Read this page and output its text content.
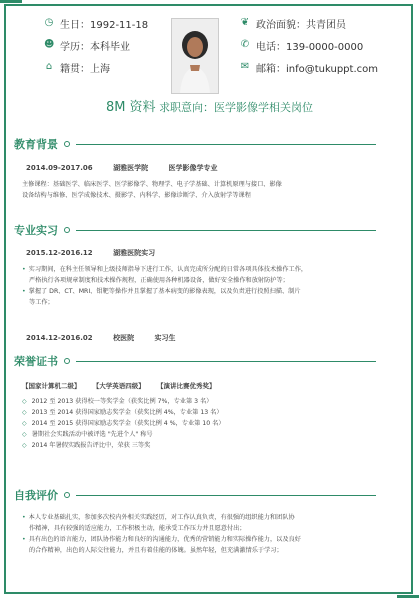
◷ 生日：1992-11-18
☻ 学历：本科毕业
⌂ 籍贯：上海
❦ 政治面貌：共青团员
✆ 电话：139-0000-0000
✉ 邮箱：info@tukuppt.com
8M 资料 求职意向：医学影像学相关岗位
教育背景
2014.09-2017.06	湖雅医学院	医学影像学专业

主修课程：基础医学、临床医学、医学影像学、物理学、电子学基础、计算机原理与接口、影像

设备结构与维修、医学成像技术、摄影学、内科学、影像诊断学、介入放射学等课程

专业实习
2015.12-2016.12	湖雅医院实习

• 实习期间，在科主任领导和上级技师指导下进行工作，认真完成所分配的日常各项具体技术操作工作，

严格执行各项规章制度和技术操作规程，正确使用各种机器设备，做好安全操作和放射防护等；

• 掌握了 DR、CT、MRI、钼靶等操作并且掌握了基本病变的影像表现，以及负责进行投照扫描、制片

等工作；

2014.12-2016.02	校医院	实习生
荣誉证书
【国家计算机二级】 【大学英语四级】 【演讲比赛优秀奖】
◇ 2012 至 2013 获得校一等奖学金（获奖比例 7%，专业第 3 名）
◇ 2013 至 2014 获得国家励志奖学金（获奖比例 4%，专业第 13 名）
◇ 2014 至 2015 获得国家励志奖学金（获奖比例 4 %，专业第 10 名）
◇ 暑期社会实践活动中被评选 "先进个人" 称号
◇ 2014 年暑假实践报告评比中，荣获 三等奖
自我评价

• 本人专业基础扎实，参加多次校内外相关实践经历，对工作认真负责，有很强的组织能力和团队协

作精神，具有较强的适应能力，工作积极主动，能承受工作压力并且愿意付出；

• 具有出色的语言能力，团队协作能力和良好的沟通能力，优秀的营销能力和实际操作能力，以及良好

的合作精神，出色的人际交往能力，并且有着佳能的体魄。虽然年轻，但充满激情乐于学习；
